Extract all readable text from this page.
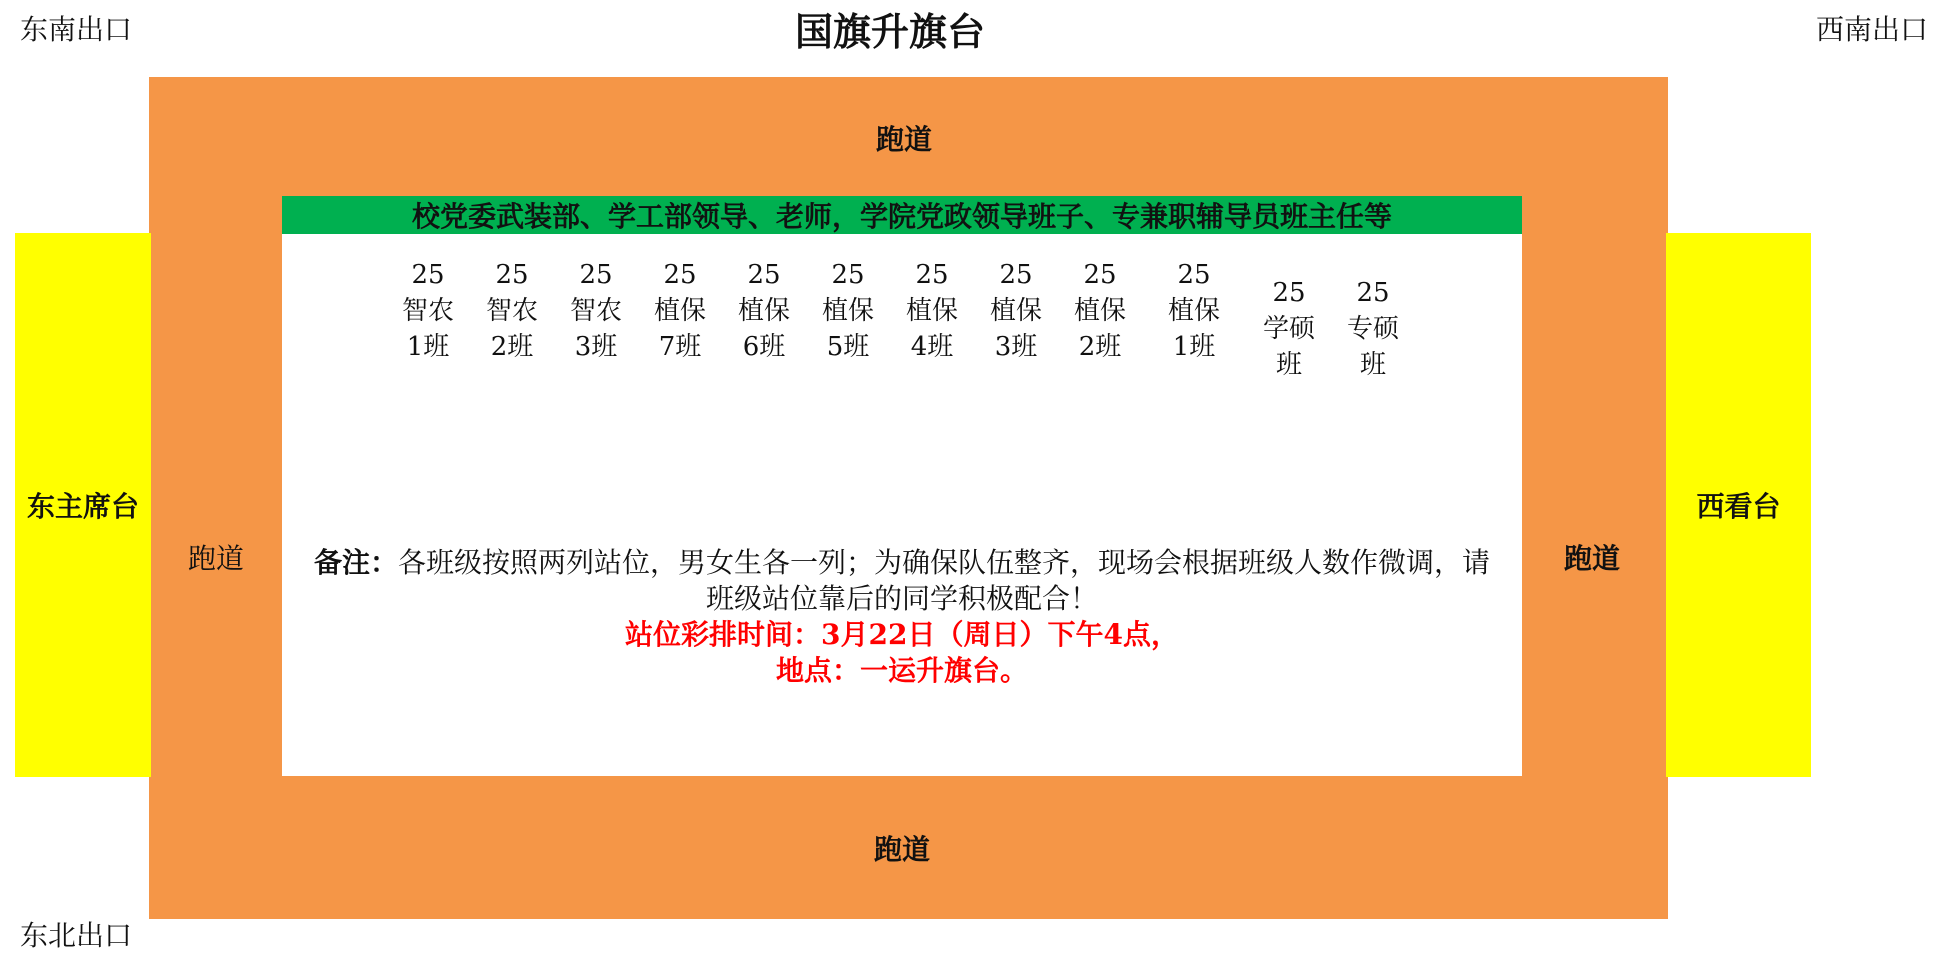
东南出口	国旗升旗台	西南出口
跑道
跑道
跑道	跑道
东主席台	西看台
校党委武装部、学工部领导、老师，学院党政领导班子、专兼职辅导员班主任等
25智农1班
25智农2班
25智农3班
25植保7班
25植保6班
25植保5班
25植保4班
25植保3班
25植保2班
25植保1班
25学硕班
25专硕班
备注：各班级按照两列站位，男女生各一列；为确保队伍整齐，现场会根据班级人数作微调，请班级站位靠后的同学积极配合！
站位彩排时间：3月22日（周日）下午4点，
地点：一运升旗台。
东北出口
